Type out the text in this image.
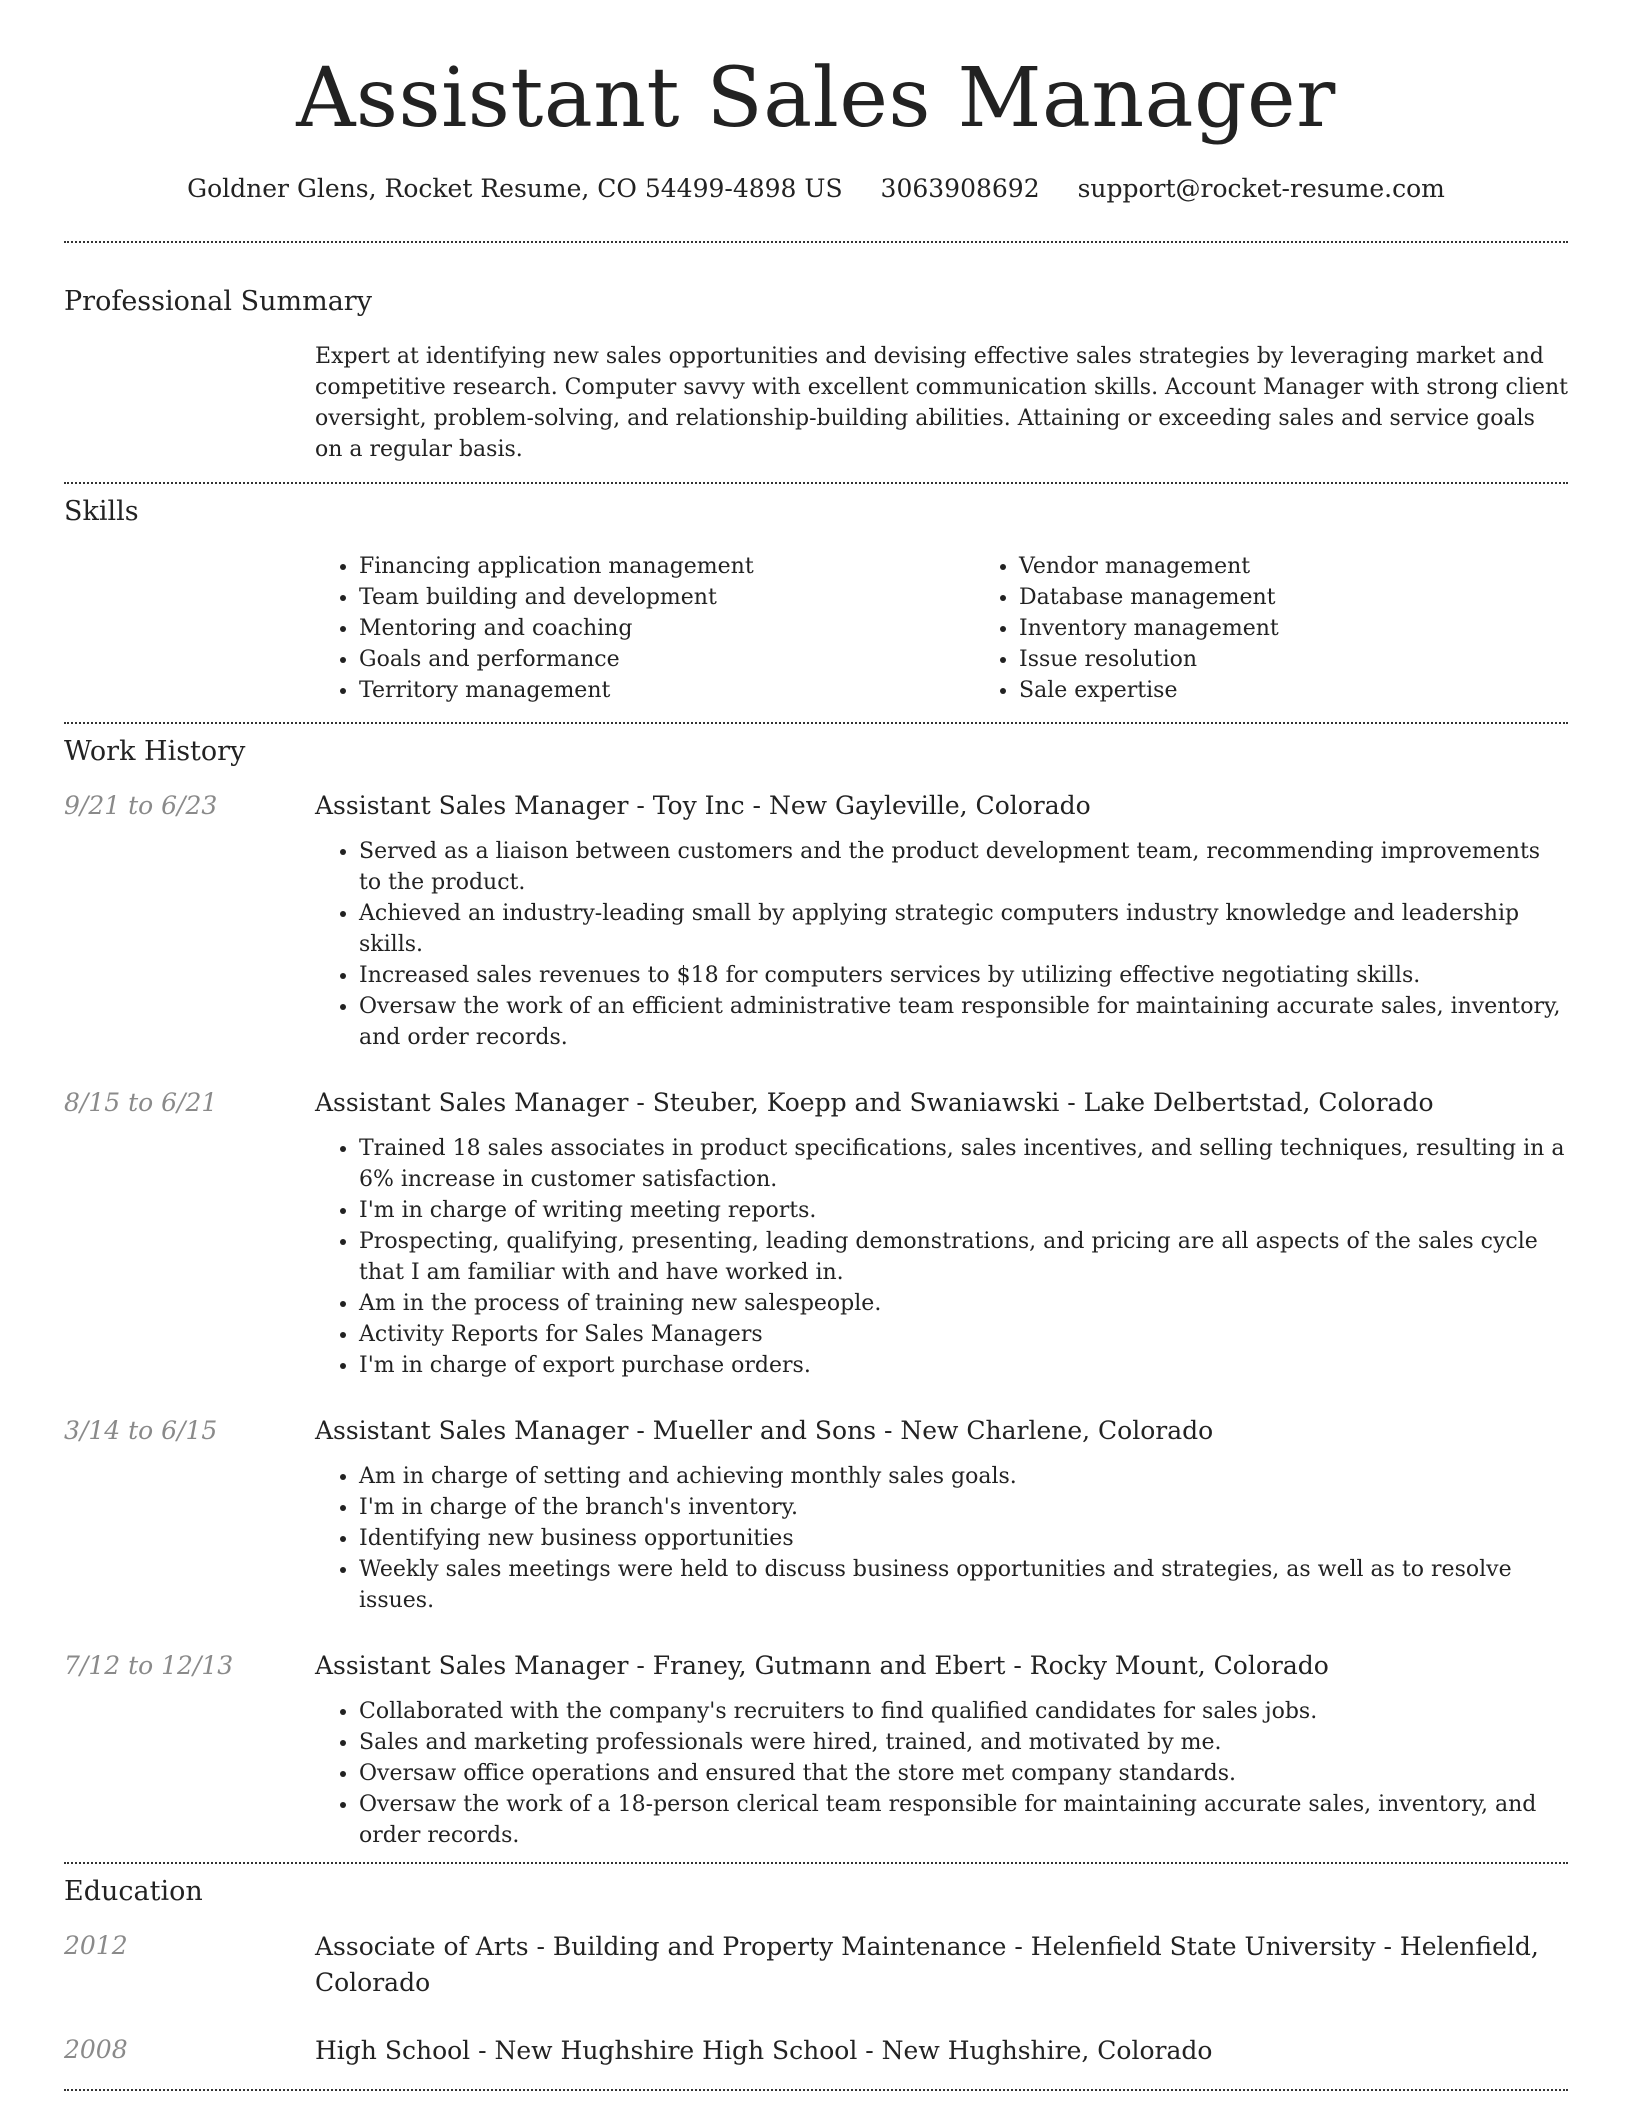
Assistant Sales Manager
Goldner Glens, Rocket Resume, CO 54499-4898 US 3063908692 support@rocket-resume.com
Professional Summary

Expert at identifying new sales opportunities and devising effective sales strategies by leveraging market and competitive research. Computer savvy with excellent communication skills. Account Manager with strong client oversight, problem-solving, and relationship-building abilities. Attaining or exceeding sales and service goals on a regular basis.

Skills
• Financing application management
• Team building and development
• Mentoring and coaching
• Goals and performance
• Territory management
• Vendor management
• Database management
• Inventory management
• Issue resolution
• Sale expertise
Work History
9/21 to 6/23	Assistant Sales Manager - Toy Inc - New Gayleville, Colorado
• Served as a liaison between customers and the product development team, recommending improvements to the product.
• Achieved an industry-leading small by applying strategic computers industry knowledge and leadership skills.
• Increased sales revenues to $18 for computers services by utilizing effective negotiating skills.
• Oversaw the work of an efficient administrative team responsible for maintaining accurate sales, inventory, and order records.
8/15 to 6/21	Assistant Sales Manager - Steuber, Koepp and Swaniawski - Lake Delbertstad, Colorado
• Trained 18 sales associates in product specifications, sales incentives, and selling techniques, resulting in a 6% increase in customer satisfaction.
• I'm in charge of writing meeting reports.
• Prospecting, qualifying, presenting, leading demonstrations, and pricing are all aspects of the sales cycle that I am familiar with and have worked in.
• Am in the process of training new salespeople.
• Activity Reports for Sales Managers
• I'm in charge of export purchase orders.
3/14 to 6/15	Assistant Sales Manager - Mueller and Sons - New Charlene, Colorado
• Am in charge of setting and achieving monthly sales goals.
• I'm in charge of the branch's inventory.
• Identifying new business opportunities
• Weekly sales meetings were held to discuss business opportunities and strategies, as well as to resolve issues.
7/12 to 12/13	Assistant Sales Manager - Franey, Gutmann and Ebert - Rocky Mount, Colorado
• Collaborated with the company's recruiters to find qualified candidates for sales jobs.
• Sales and marketing professionals were hired, trained, and motivated by me.
• Oversaw office operations and ensured that the store met company standards.
• Oversaw the work of a 18-person clerical team responsible for maintaining accurate sales, inventory, and order records.
Education
2012	Associate of Arts - Building and Property Maintenance - Helenfield State University - Helenfield, Colorado
2008	High School - New Hughshire High School - New Hughshire, Colorado
